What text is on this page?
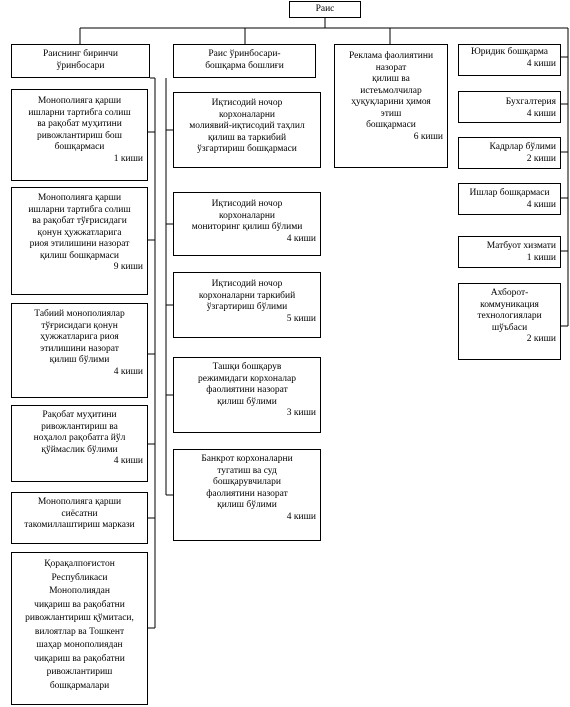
Раис
Раиснинг биринчи
ўринбосари
Монополияга қарши
ишларни тартибга солиш
ва рақобат муҳитини
ривожлантириш бош
бошқармаси
1 киши
Монополияга қарши
ишларни тартибга солиш
ва рақобат тўғрисидаги
қонун ҳужжатларига
риоя этилишини назорат
қилиш бошқармаси
9 киши
Табиий монополиялар
тўғрисидаги қонун
ҳужжатларига риоя
этилишини назорат
қилиш бўлими
4 киши
Рақобат муҳитини
ривожлантириш ва
ноҳалол рақобатга йўл
қўймаслик бўлими
4 киши
Монополияга қарши
сиёсатни
такомиллаштириш маркази
Қорақалпоғистон
Республикаси
Монополиядан
чиқариш ва рақобатни
ривожлантириш қўмитаси,
вилоятлар ва Тошкент
шаҳар монополиядан
чиқариш ва рақобатни
ривожлантириш
бошқармалари
Раис ўринбосари-
бошқарма бошлиғи
Иқтисодий ночор
корхоналарни
молиявий-иқтисодий таҳлил
қилиш ва таркибий
ўзгартириш бошқармаси
Иқтисодий ночор
корхоналарни
мониторинг қилиш бўлими
4 киши
Иқтисодий ночор
корхоналарни таркибий
ўзгартириш бўлими
5 киши
Ташқи бошқарув
режимидаги корхоналар
фаолиятини назорат
қилиш бўлими
3 киши
Банкрот корхоналарни
тугатиш ва суд
бошқарувчилари
фаолиятини назорат
қилиш бўлими
4 киши
Реклама фаолиятини
назорат
қилиш ва
истеъмолчилар
ҳуқуқларини ҳимоя
этиш
бошқармаси
6 киши
Юридик бошқарма
4 киши
Бухгалтерия
4 киши
Кадрлар бўлими
2 киши
Ишлар бошқармаси
4 киши
Матбуот хизмати
1 киши
Ахборот-
коммуникация
технологиялари
шўъбаси
2 киши
